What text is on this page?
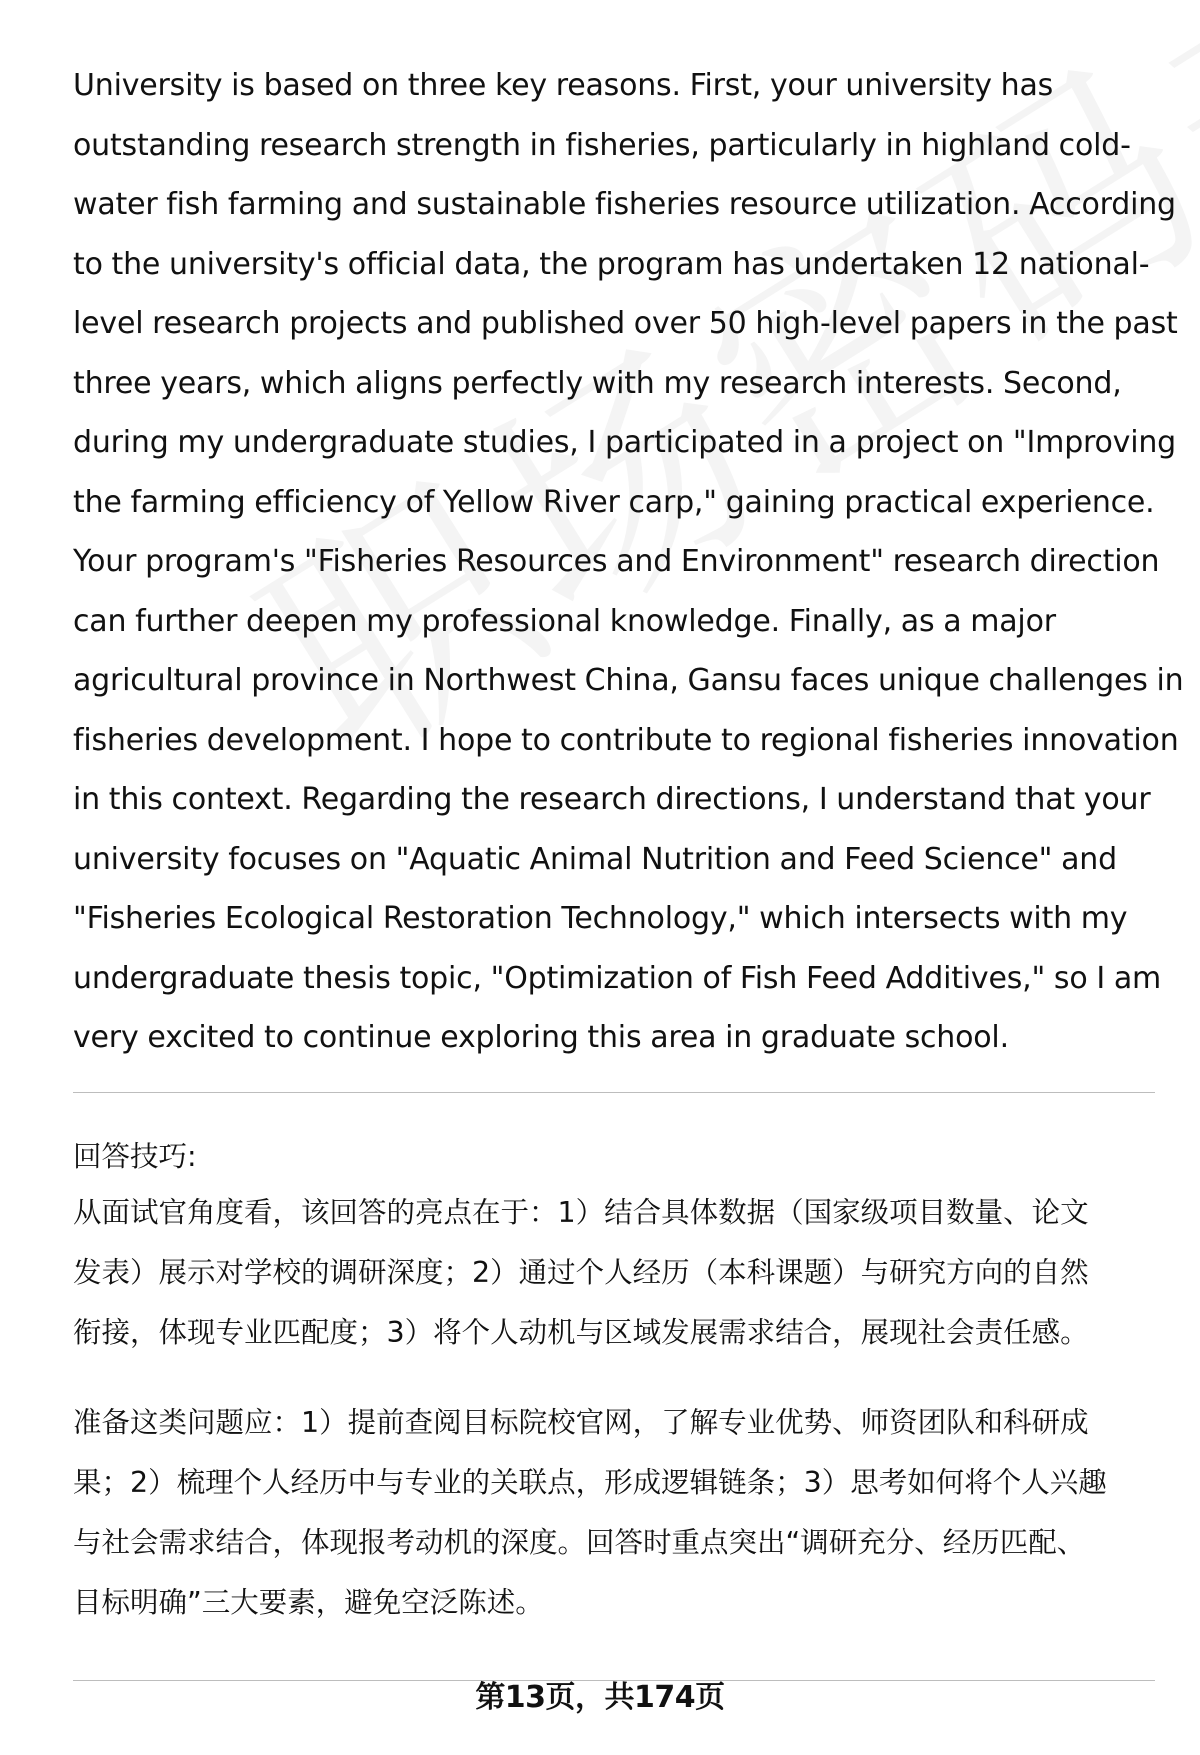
University is based on three key reasons. First, your university has
outstanding research strength in fisheries, particularly in highland cold-
water fish farming and sustainable fisheries resource utilization. According
to the university's official data, the program has undertaken 12 national-
level research projects and published over 50 high-level papers in the past
three years, which aligns perfectly with my research interests. Second,
during my undergraduate studies, I participated in a project on "Improving
the farming efficiency of Yellow River carp," gaining practical experience.
Your program's "Fisheries Resources and Environment" research direction
can further deepen my professional knowledge. Finally, as a major
agricultural province in Northwest China, Gansu faces unique challenges in
fisheries development. I hope to contribute to regional fisheries innovation
in this context. Regarding the research directions, I understand that your
university focuses on "Aquatic Animal Nutrition and Feed Science" and
"Fisheries Ecological Restoration Technology," which intersects with my
undergraduate thesis topic, "Optimization of Fish Feed Additives," so I am
very excited to continue exploring this area in graduate school.

回答技巧:
从面试官角度看，该回答的亮点在于：1）结合具体数据（国家级项目数量、论文
发表）展示对学校的调研深度；2）通过个人经历（本科课题）与研究方向的自然
衔接，体现专业匹配度；3）将个人动机与区域发展需求结合，展现社会责任感。
准备这类问题应：1）提前查阅目标院校官网，了解专业优势、师资团队和科研成
果；2）梳理个人经历中与专业的关联点，形成逻辑链条；3）思考如何将个人兴趣
与社会需求结合，体现报考动机的深度。回答时重点突出“调研充分、经历匹配、
目标明确”三大要素，避免空泛陈述。
第13页，共174页
